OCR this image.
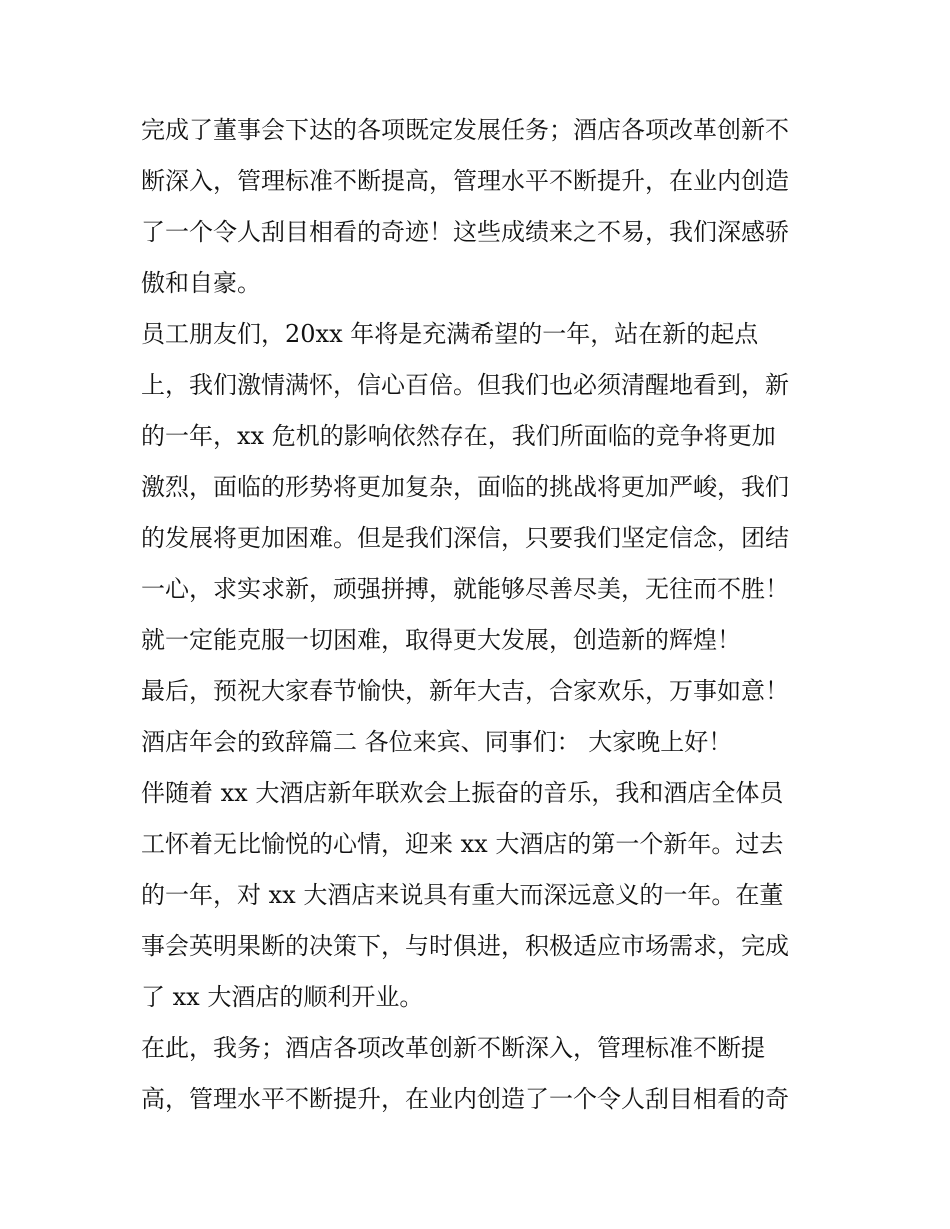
完成了董事会下达的各项既定发展任务；酒店各项改革创新不
断深入，管理标准不断提高，管理水平不断提升，在业内创造
了一个令人刮目相看的奇迹！这些成绩来之不易，我们深感骄
傲和自豪。
员工朋友们，20xx 年将是充满希望的一年，站在新的起点
上，我们激情满怀，信心百倍。但我们也必须清醒地看到，新
的一年，xx 危机的影响依然存在，我们所面临的竞争将更加
激烈，面临的形势将更加复杂，面临的挑战将更加严峻，我们
的发展将更加困难。但是我们深信，只要我们坚定信念，团结
一心，求实求新，顽强拼搏，就能够尽善尽美，无往而不胜！
就一定能克服一切困难，取得更大发展，创造新的辉煌！
最后，预祝大家春节愉快，新年大吉，合家欢乐，万事如意！
酒店年会的致辞篇二 各位来宾、同事们： 大家晚上好！
伴随着 xx 大酒店新年联欢会上振奋的音乐，我和酒店全体员
工怀着无比愉悦的心情，迎来 xx 大酒店的第一个新年。过去
的一年，对 xx 大酒店来说具有重大而深远意义的一年。在董
事会英明果断的决策下，与时俱进，积极适应市场需求，完成
了 xx 大酒店的顺利开业。
在此，我务；酒店各项改革创新不断深入，管理标准不断提
高，管理水平不断提升，在业内创造了一个令人刮目相看的奇
